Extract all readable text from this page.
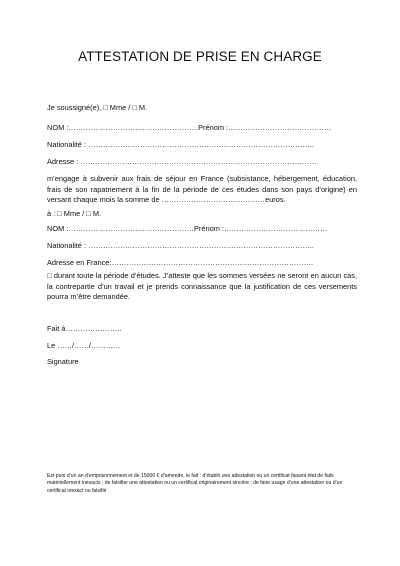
ATTESTATION DE PRISE EN CHARGE
Je soussigné(e), □ Mme / □ M.
NOM :……………………………………………..Prénom :……………………………………
Nationalité : ………………………………………………………………………………..
Adresse : ……………………………………………………………………………………
m’engage à subvenir aux frais de séjour en France (subsistance, hébergement, éducation, frais de son rapatriement à la fin de la période de ces études dans son pays d’origine) en versant chaque mois la somme de ……………………………………euros.
à : □ Mme / □ M.
NOM :……………………………………………Prénom :……………………………………
Nationalité : ………………………………………………………………………………..
Adresse en France:……………………………………………………………………….
□ durant toute la période d’études. J’atteste que les sommes versées ne seront en aucun cas, la contrepartie d’un travail et je prends connaissance que la justification de ces versements pourra m’être demandée.
Fait à…………………..
Le ……/……/…………
Signature
Est puni d’un an d’emprisonnement et de 15000 € d’amende, le fait : d’établir une attestation ou un certificat faisant état de faits matériellement inexacts ; de falsifier une attestation ou un certificat originairement sincère ; de faire usage d’une attestation ou d’un certificat inexact ou falsifié
